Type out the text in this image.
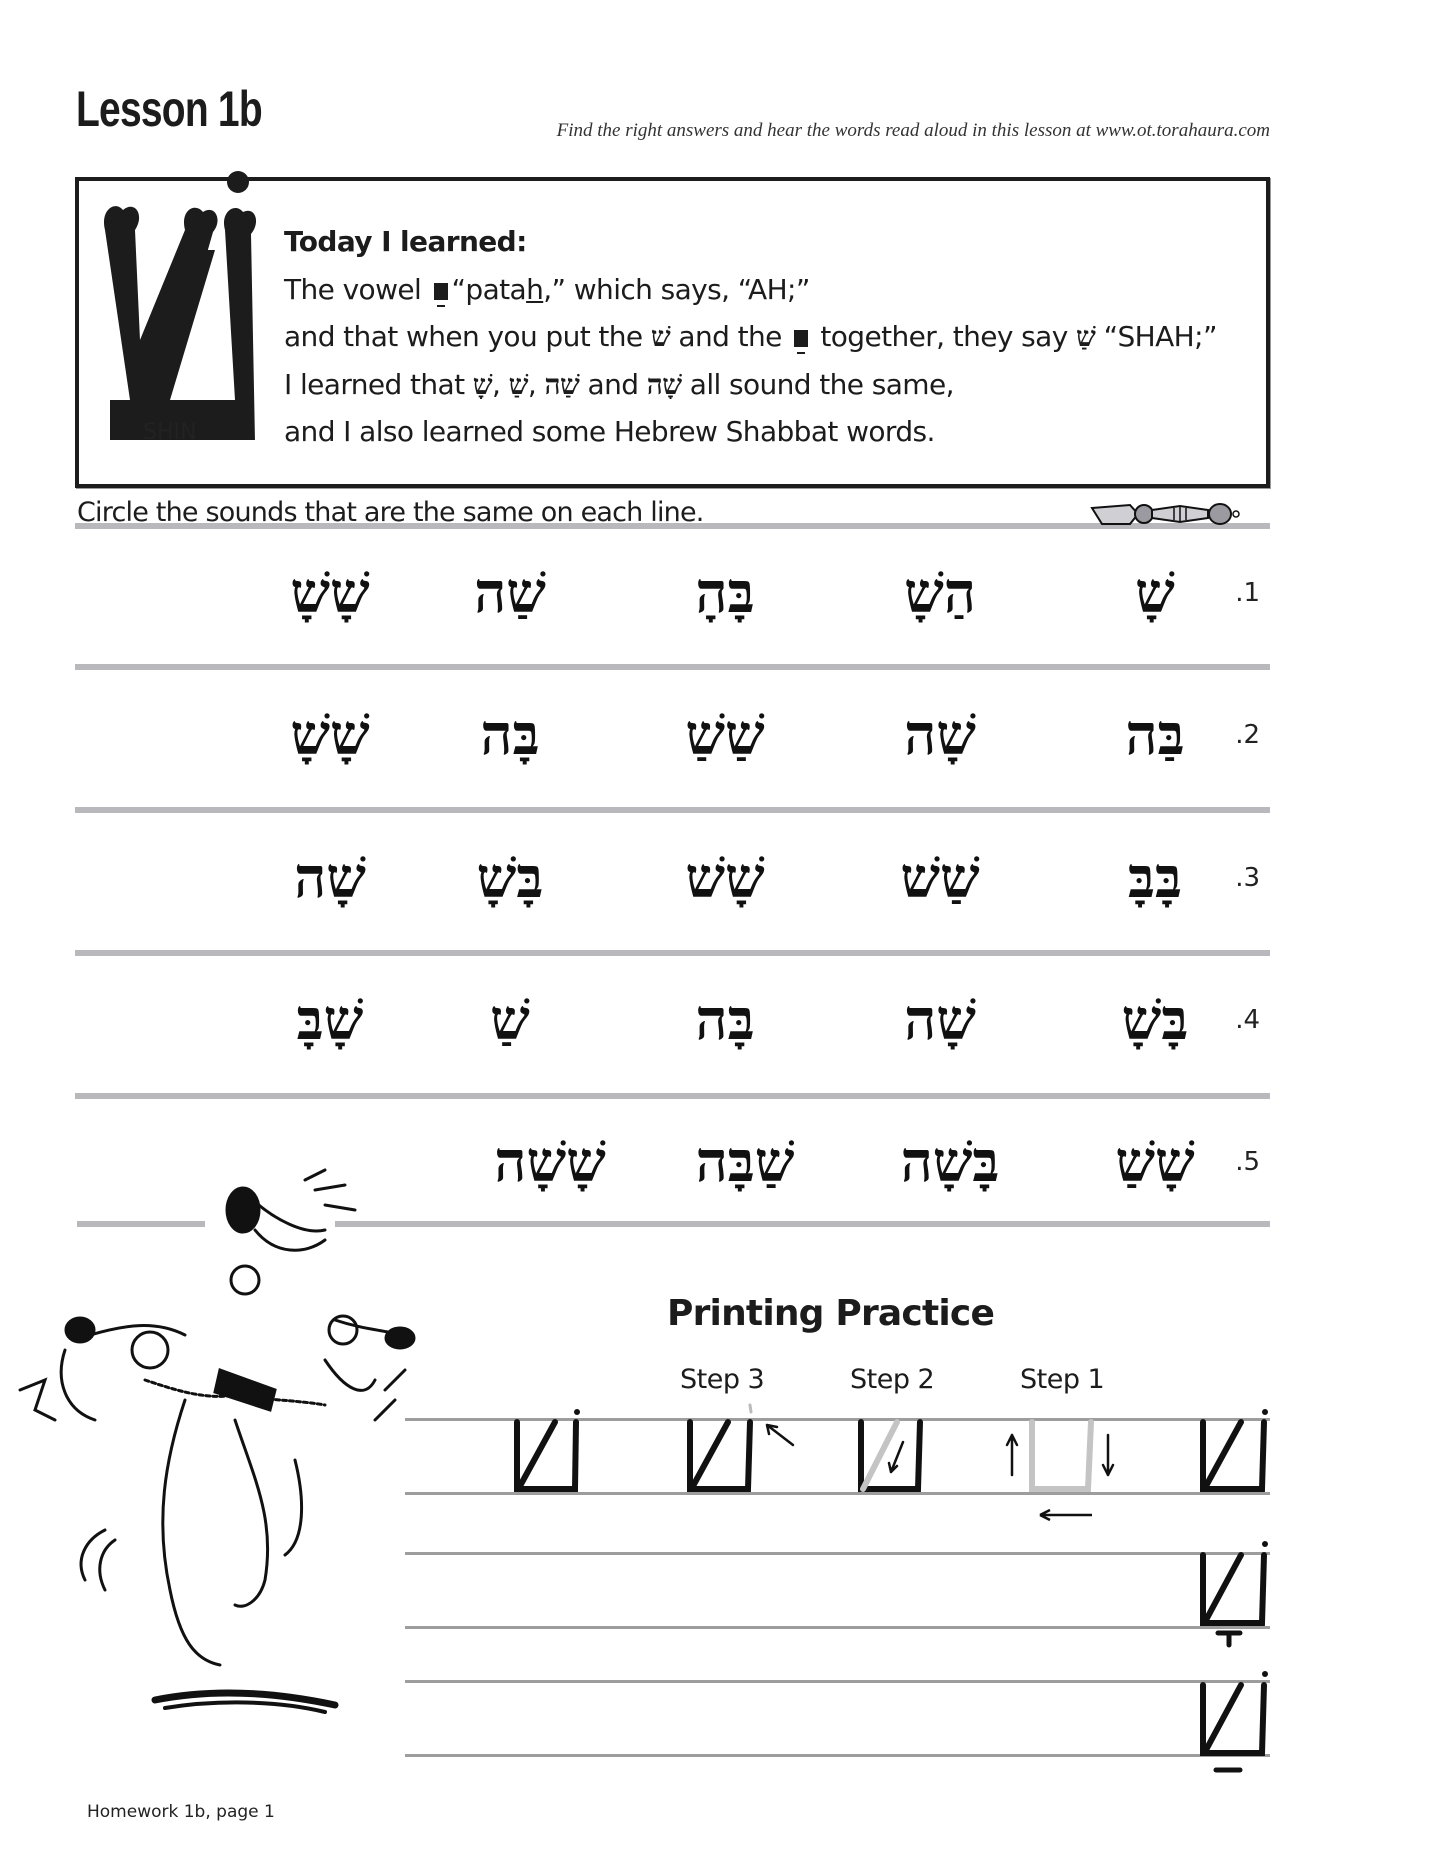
Lesson 1b	Find the right answers and hear the words read aloud in this lesson at www.ot.torahaura.com
SHIN
Today I learned:
The vowel “patah,” which says, “AH;”
and that when you put the שׁ and the together, they say שַׁ “SHAH;”
I learned that שָׁ, שַׁ, שַׁה and שָׁה all sound the same,
and I also learned some Hebrew Shabbat words.
Circle the sounds that are the same on each line.
.1
שָׁ
הַשָׁ
בָּהָ
שַׁה
שָׁשָׁ
.2
בַּה
שָׁה
שַׁשַׁ
בָּה
שָׁשָׁ
.3
בָּבָּ
שַׁשׁ
שָׁשׁ
בָּשָׁ
שָׁה
.4
בָּשָׁ
שָׁה
בָּה
שַׁ
שָׁבָּ
.5
שָׁשַׁ
בָּשָׁה
שַׁבָּה
שָׁשָׁה
Printing Practice
Step 3	Step 2	Step 1
Homework 1b, page 1
